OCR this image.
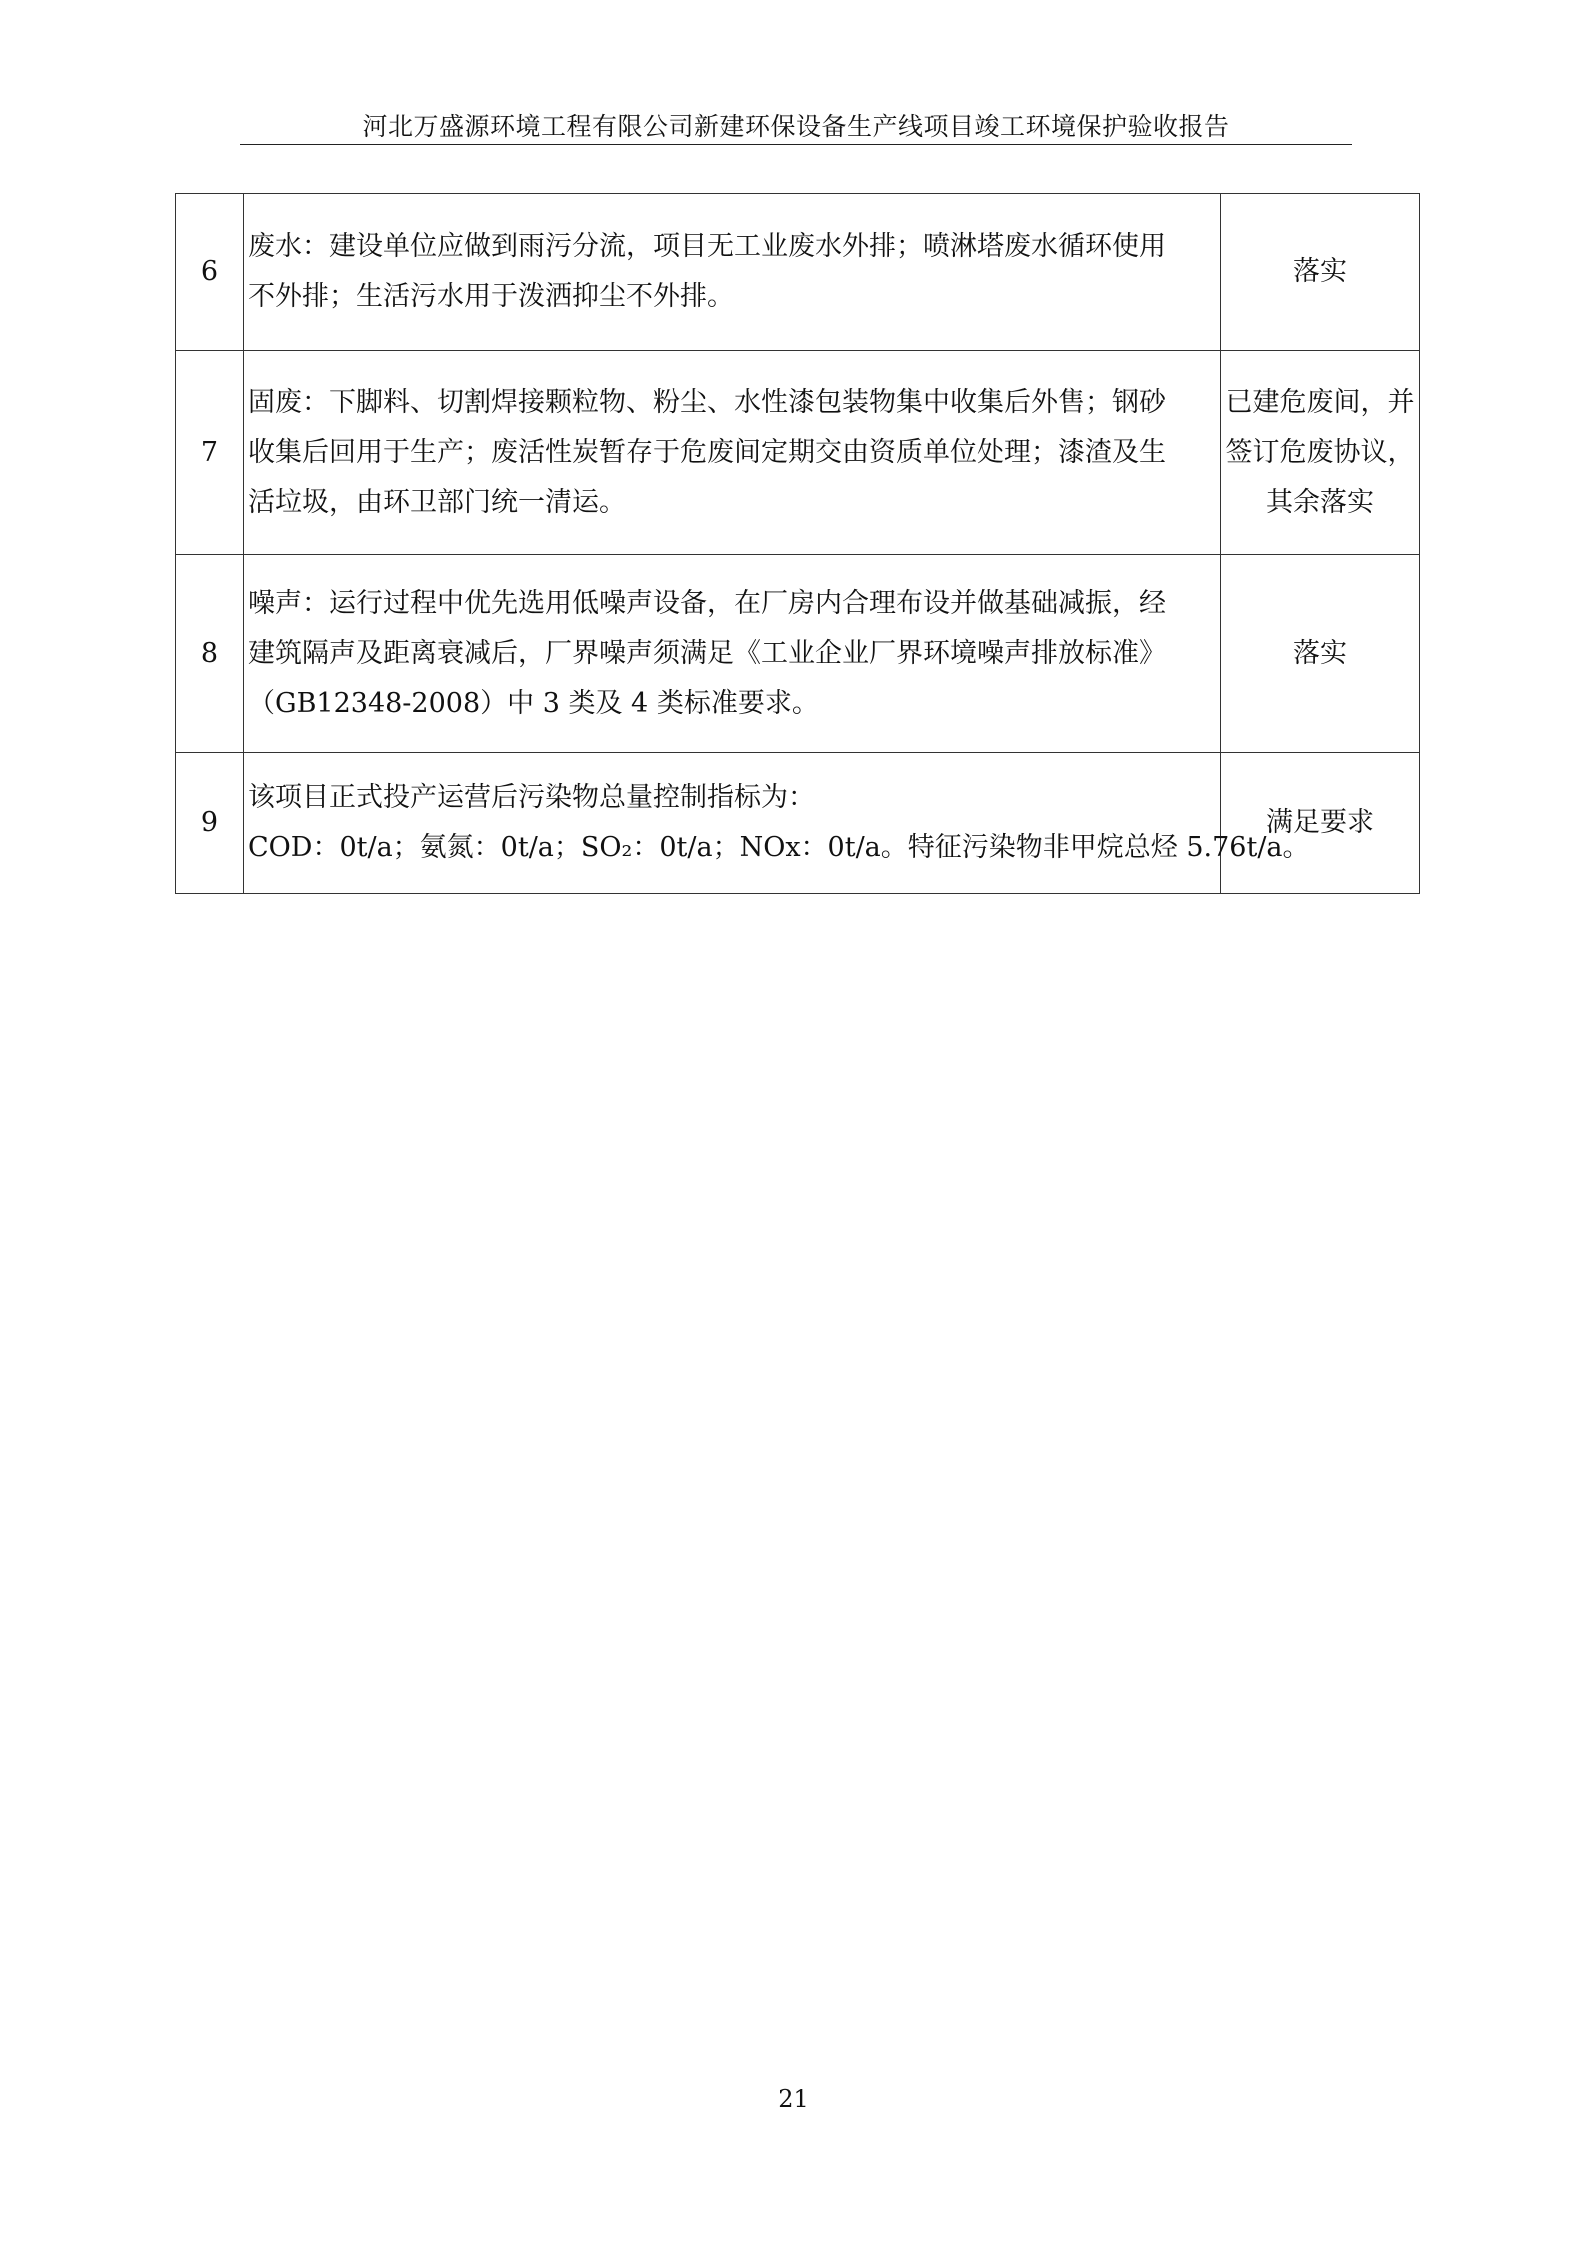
河北万盛源环境工程有限公司新建环保设备生产线项目竣工环境保护验收报告
6	废水：建设单位应做到雨污分流，项目无工业废水外排；喷淋塔废水循环使用
不外排；生活污水用于泼洒抑尘不外排。	落实

7	固废：下脚料、切割焊接颗粒物、粉尘、水性漆包装物集中收集后外售；钢砂
收集后回用于生产；废活性炭暂存于危废间定期交由资质单位处理；漆渣及生
活垃圾，由环卫部门统一清运。	已建危废间，并
签订危废协议，
其余落实

8	噪声：运行过程中优先选用低噪声设备，在厂房内合理布设并做基础减振，经
建筑隔声及距离衰减后，厂界噪声须满足《工业企业厂界环境噪声排放标准》
（GB12348-2008）中 3 类及 4 类标准要求。	落实

9	该项目正式投产运营后污染物总量控制指标为：
COD：0t/a；氨氮：0t/a；SO₂：0t/a；NOx：0t/a。特征污染物非甲烷总烃 5.76t/a。	满足要求
21
